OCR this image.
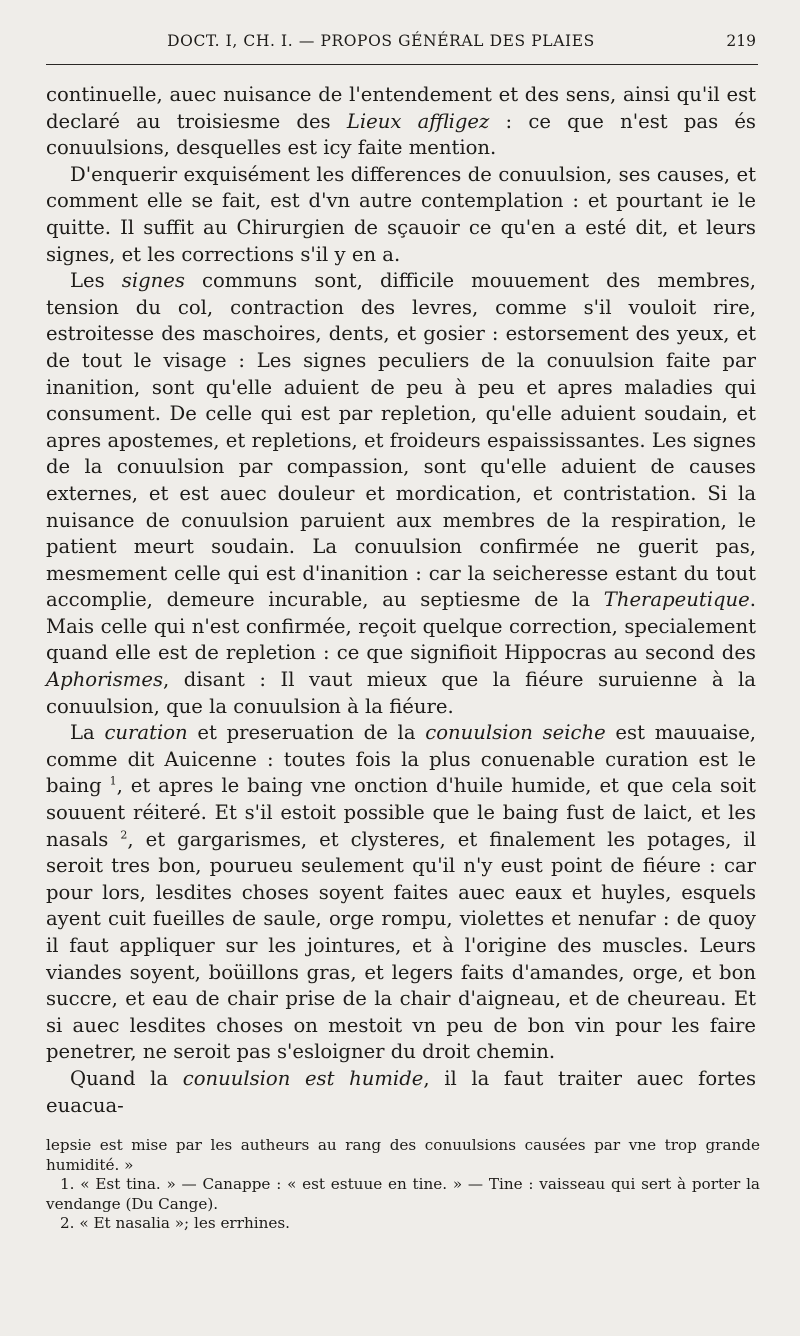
DOCT. I, CH. I. — PROPOS GÉNÉRAL DES PLAIES	219

continuelle, auec nuisance de l'entendement et des sens, ainsi qu'il est declaré au troisiesme des Lieux affligez : ce que n'est pas és conuulsions, desquelles est icy faite mention.

D'enquerir exquisément les differences de conuulsion, ses causes, et comment elle se fait, est d'vn autre contemplation : et pourtant ie le quitte. Il suffit au Chirurgien de sçauoir ce qu'en a esté dit, et leurs signes, et les corrections s'il y en a.

Les signes communs sont, difficile mouuement des membres, tension du col, contraction des levres, comme s'il vouloit rire, estroitesse des maschoires, dents, et gosier : estorsement des yeux, et de tout le visage : Les signes peculiers de la conuulsion faite par inanition, sont qu'elle aduient de peu à peu et apres maladies qui consument. De celle qui est par repletion, qu'elle aduient soudain, et apres apostemes, et repletions, et froideurs espaississantes. Les signes de la conuulsion par compassion, sont qu'elle aduient de causes externes, et est auec douleur et mordication, et contristation. Si la nuisance de conuulsion paruient aux membres de la respiration, le patient meurt soudain. La conuulsion confirmée ne guerit pas, mesmement celle qui est d'inanition : car la seicheresse estant du tout accomplie, demeure incurable, au septiesme de la Therapeutique. Mais celle qui n'est confirmée, reçoit quelque correction, specialement quand elle est de repletion : ce que signifioit Hippocras au second des Aphorismes, disant : Il vaut mieux que la fiéure suruienne à la conuulsion, que la conuulsion à la fiéure.

La curation et preseruation de la conuulsion seiche est mauuaise, comme dit Auicenne : toutes fois la plus conuenable curation est le baing $^1$, et apres le baing vne onction d'huile humide, et que cela soit souuent réiteré. Et s'il estoit possible que le baing fust de laict, et les nasals $^2$, et gargarismes, et clysteres, et finalement les potages, il seroit tres bon, pourueu seulement qu'il n'y eust point de fiéure : car pour lors, lesdites choses soyent faites auec eaux et huyles, esquels ayent cuit fueilles de saule, orge rompu, violettes et nenufar : de quoy il faut appliquer sur les jointures, et à l'origine des muscles. Leurs viandes soyent, boüillons gras, et legers faits d'amandes, orge, et bon succre, et eau de chair prise de la chair d'aigneau, et de cheureau. Et si auec lesdites choses on mestoit vn peu de bon vin pour les faire penetrer, ne seroit pas s'esloigner du droit chemin.

Quand la conuulsion est humide, il la faut traiter auec fortes euacua-

lepsie est mise par les autheurs au rang des conuulsions causées par vne trop grande humidité. »

1. « Est tina. » — Canappe : « est estuue en tine. » — Tine : vaisseau qui sert à porter la vendange (Du Cange).

2. « Et nasalia »; les errhines.
